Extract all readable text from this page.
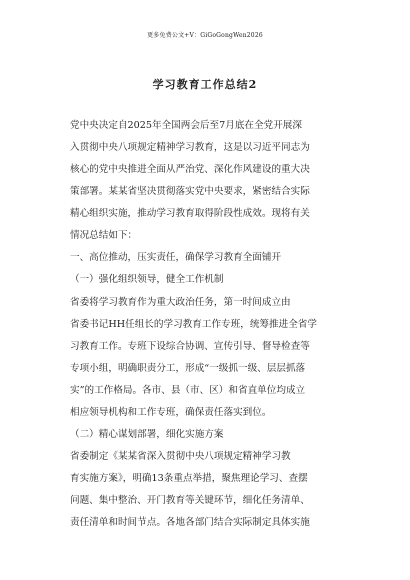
更多免费公文+V：GiGoGongWen2026
学习教育工作总结2
党中央决定自2025年全国两会后至7月底在全党开展深
入贯彻中央八项规定精神学习教育，这是以习近平同志为
核心的党中央推进全面从严治党、深化作风建设的重大决
策部署。某某省坚决贯彻落实党中央要求，紧密结合实际
精心组织实施，推动学习教育取得阶段性成效。现将有关
情况总结如下：
一、高位推动，压实责任，确保学习教育全面铺开
（一）强化组织领导，健全工作机制
省委将学习教育作为重大政治任务，第一时间成立由
省委书记HH任组长的学习教育工作专班，统筹推进全省学
习教育工作。专班下设综合协调、宣传引导、督导检查等
专项小组，明确职责分工，形成“一级抓一级、层层抓落
实”的工作格局。各市、县（市、区）和省直单位均成立
相应领导机构和工作专班，确保责任落实到位。
（二）精心谋划部署，细化实施方案
省委制定《某某省深入贯彻中央八项规定精神学习教
育实施方案》，明确13条重点举措，聚焦理论学习、查摆
问题、集中整治、开门教育等关键环节，细化任务清单、
责任清单和时间节点。各地各部门结合实际制定具体实施
